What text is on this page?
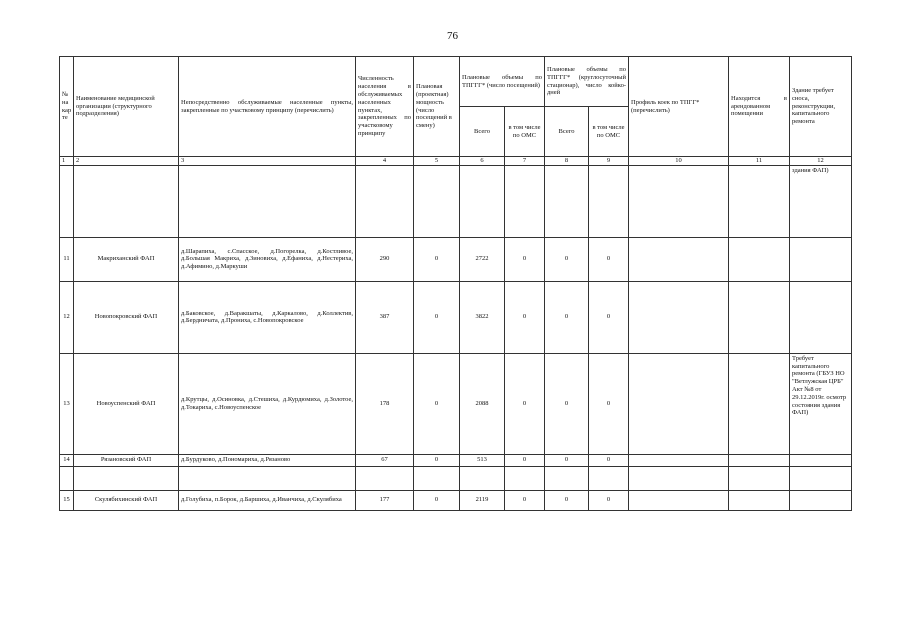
76
№ на кар те	Наименование медицинской организации (структурного подразделения)	Непосредственно обслуживаемые населенные пункты, закрепленные по участковому принципу (перечислить)	Численность населения в обслуживаемых населенных пунктах, закрепленных по участковому принципу	Плановая (проектная) мощность (число посещений в смену)	Плановые объемы по ТПГГГ* (число посещений)		Плановые объемы по ТПГГГ* (круглосуточный стационар), число койко-дней		Профиль коек по ТПГГ* (перечислить)	Находится в арендованном помещении	Здание требует сноса, реконструкции, капитального ремонта
					Всего	в том числе по ОМС	Всего	в том числе по ОМС			
1	2	3	4	5	6	7	8	9	10	11	12
											здания ФАП)
11	Макриханский ФАП	д.Шарапиха, с.Спасское, д.Погорелка, д.Костливое, д.Большая Макриха, д.Зиновиха, д.Ефаниха, д.Нестериха, д.Афимино, д.Маркуши	290	0	2722	0	0	0			
12	Новопокровский ФАП	д.Баковское, д.Варакшаты, д.Каркалово, д.Коллектив, д.Бердничата, д.Прониха, с.Новопокровское	387	0	3822	0	0	0			
13	Новоуспенский ФАП	д.Крутцы, д.Осиновка, д.Стешиха, д.Курдюмиха, д.Золотое, д.Токариха, с.Новоуспенское	178	0	2088	0	0	0			Требует капитального ремонта (ГБУЗ НО "Ветлужская ЦРБ" Акт №8 от 29.12.2019г. осмотр состояния здания ФАП)
14	Рязановский ФАП	д.Бурдуково, д.Пономариха, д.Рязаново	67	0	513	0	0	0			

15	Скулябихинский ФАП	д.Голубиха, п.Борок, д.Баршиха, д.Иванчиха, д.Скулябиха	177	0	2119	0	0	0			
